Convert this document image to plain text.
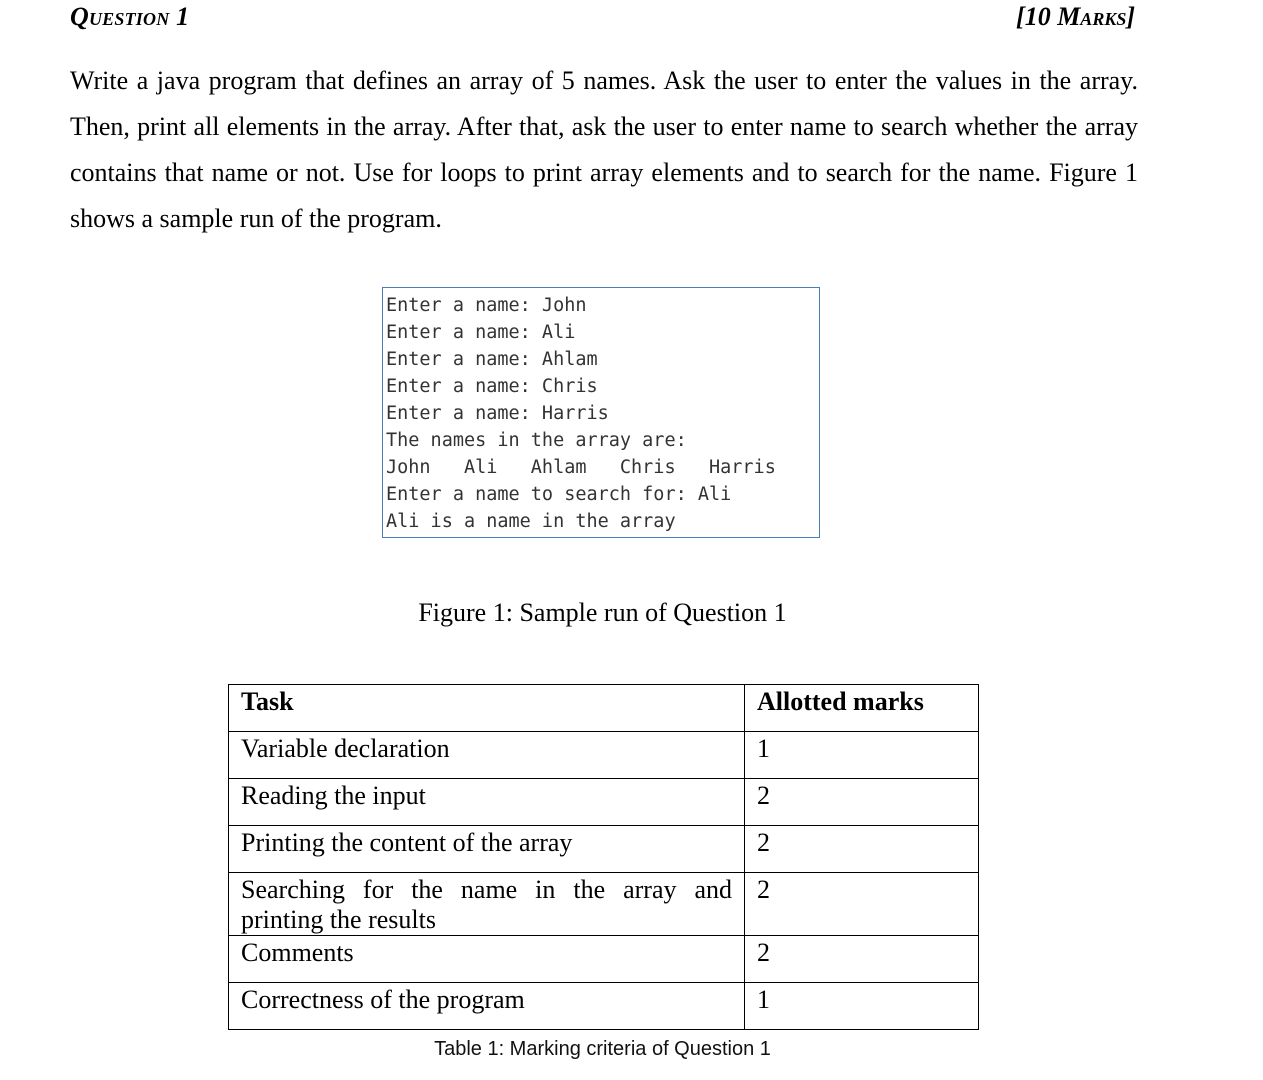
Question 1	[10 Marks]
Write a java program that defines an array of 5 names. Ask the user to enter the values in the array. Then, print all elements in the array. After that, ask the user to enter name to search whether the array contains that name or not. Use for loops to print array elements and to search for the name. Figure 1 shows a sample run of the program.
Enter a name: John
Enter a name: Ali
Enter a name: Ahlam
Enter a name: Chris
Enter a name: Harris
The names in the array are:
John   Ali   Ahlam   Chris   Harris
Enter a name to search for: Ali
Ali is a name in the array
Figure 1: Sample run of Question 1
Task	Allotted marks
Variable declaration	1
Reading the input	2
Printing the content of the array	2
Searching for the name in the array and printing the results	2
Comments	2
Correctness of the program	1
Table 1: Marking criteria of Question 1
